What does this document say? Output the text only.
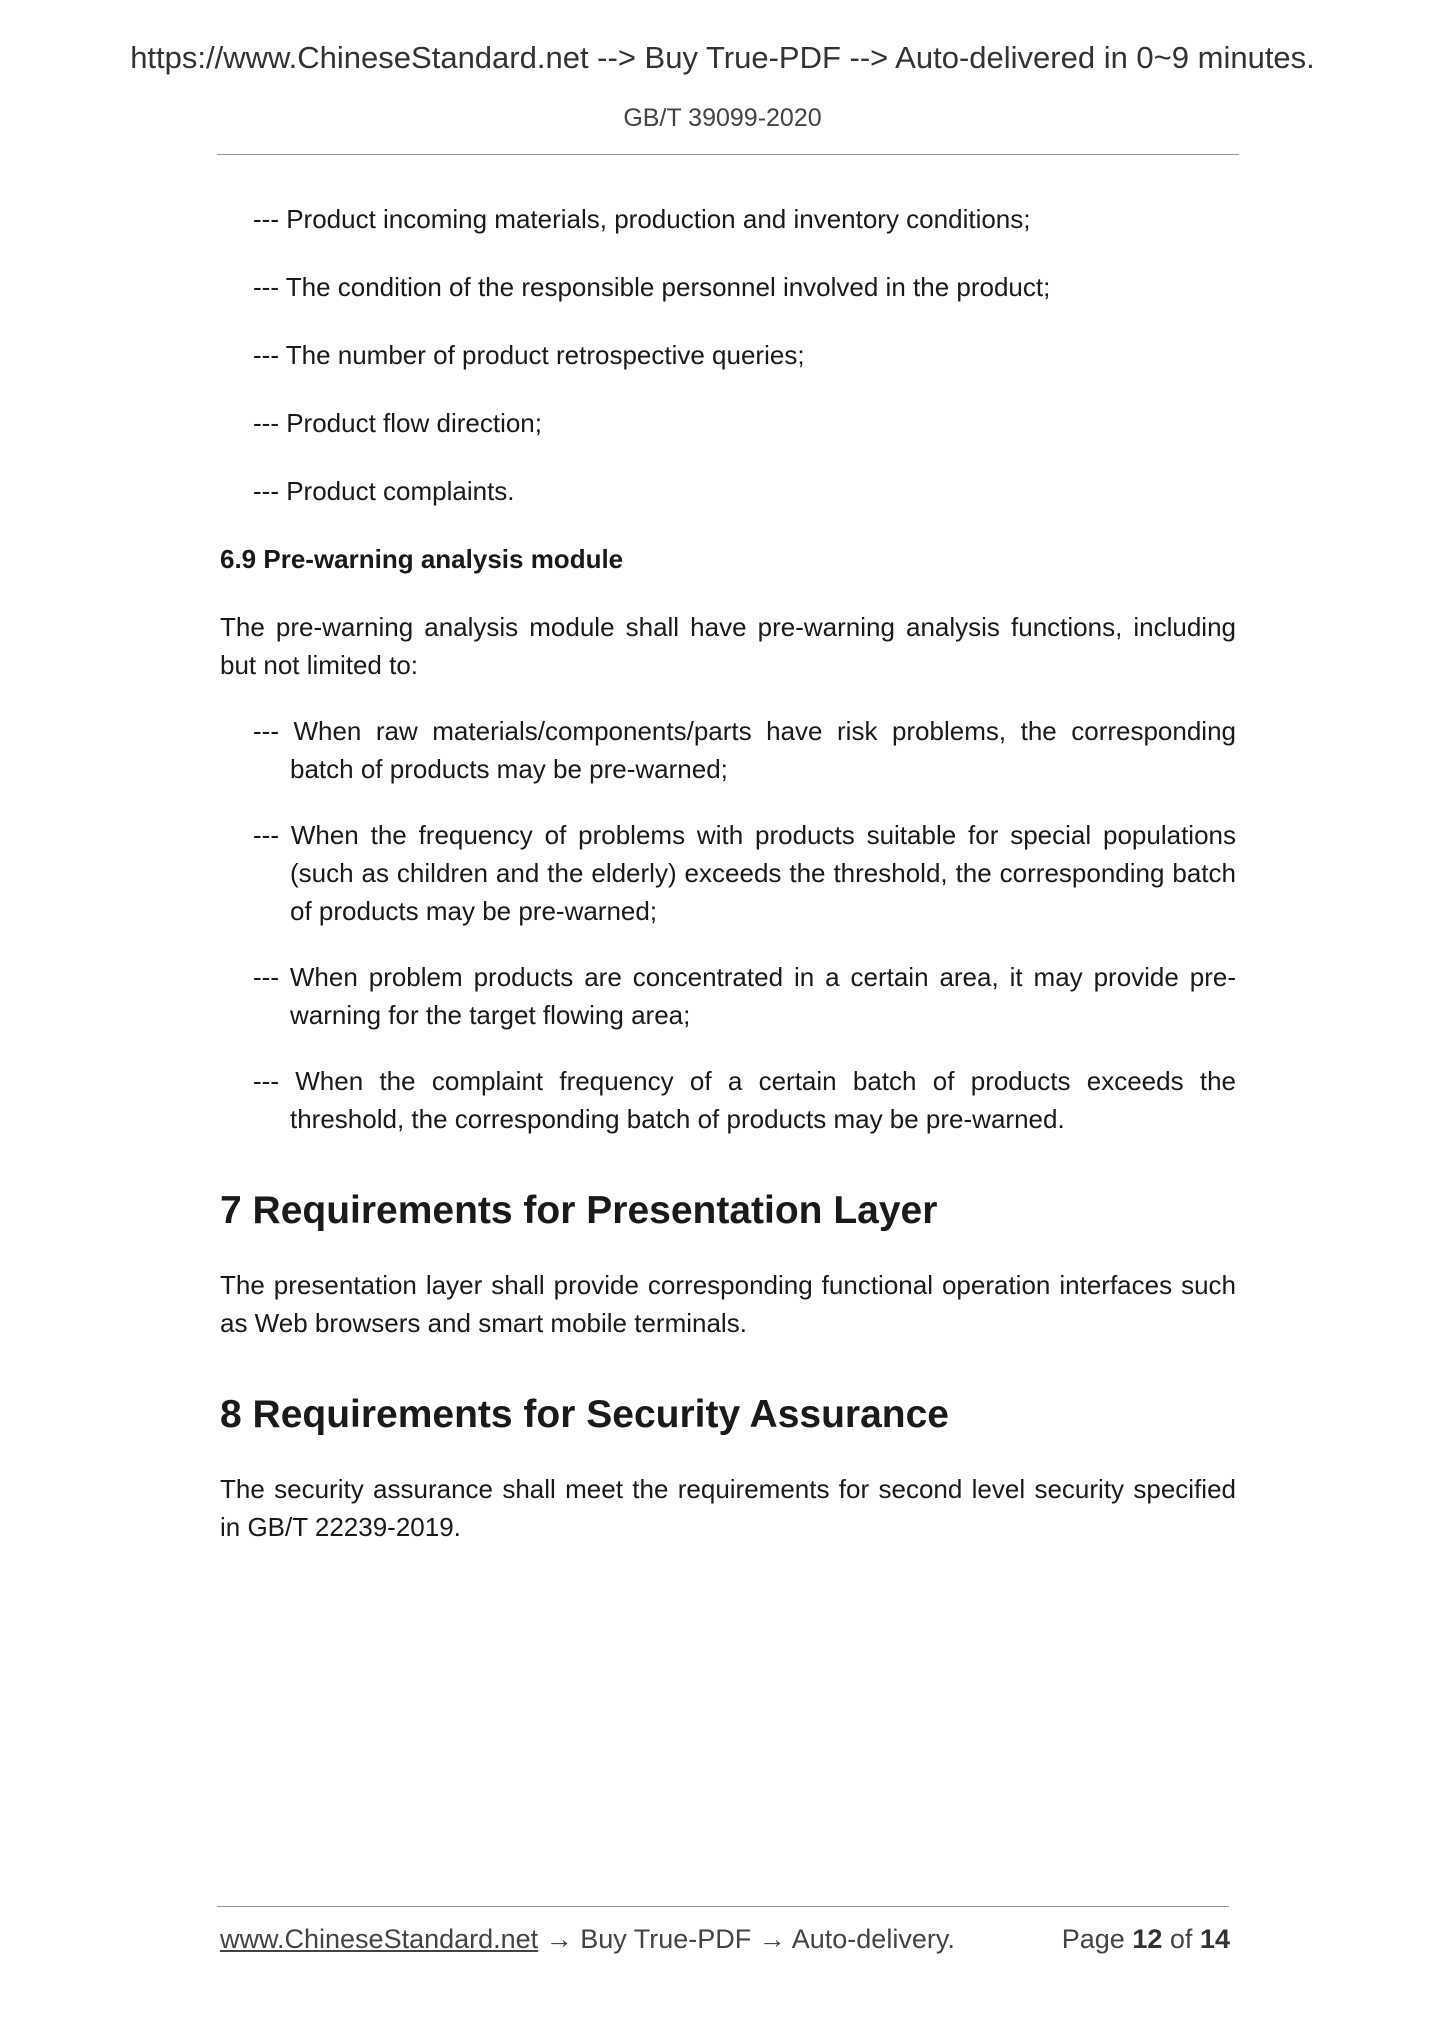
https://www.ChineseStandard.net --> Buy True-PDF --> Auto-delivered in 0~9 minutes.
GB/T 39099-2020

--- Product incoming materials, production and inventory conditions;

--- The condition of the responsible personnel involved in the product;

--- The number of product retrospective queries;

--- Product flow direction;

--- Product complaints.

6.9 Pre-warning analysis module

The pre-warning analysis module shall have pre-warning analysis functions, including but not limited to:

--- When raw materials/components/parts have risk problems, the corresponding batch of products may be pre-warned;

--- When the frequency of problems with products suitable for special populations (such as children and the elderly) exceeds the threshold, the corresponding batch of products may be pre-warned;

--- When problem products are concentrated in a certain area, it may provide pre-warning for the target flowing area;

--- When the complaint frequency of a certain batch of products exceeds the threshold, the corresponding batch of products may be pre-warned.

7 Requirements for Presentation Layer

The presentation layer shall provide corresponding functional operation interfaces such as Web browsers and smart mobile terminals.

8 Requirements for Security Assurance

The security assurance shall meet the requirements for second level security specified in GB/T 22239-2019.

www.ChineseStandard.net → Buy True-PDF → Auto-delivery.	Page 12 of 14
